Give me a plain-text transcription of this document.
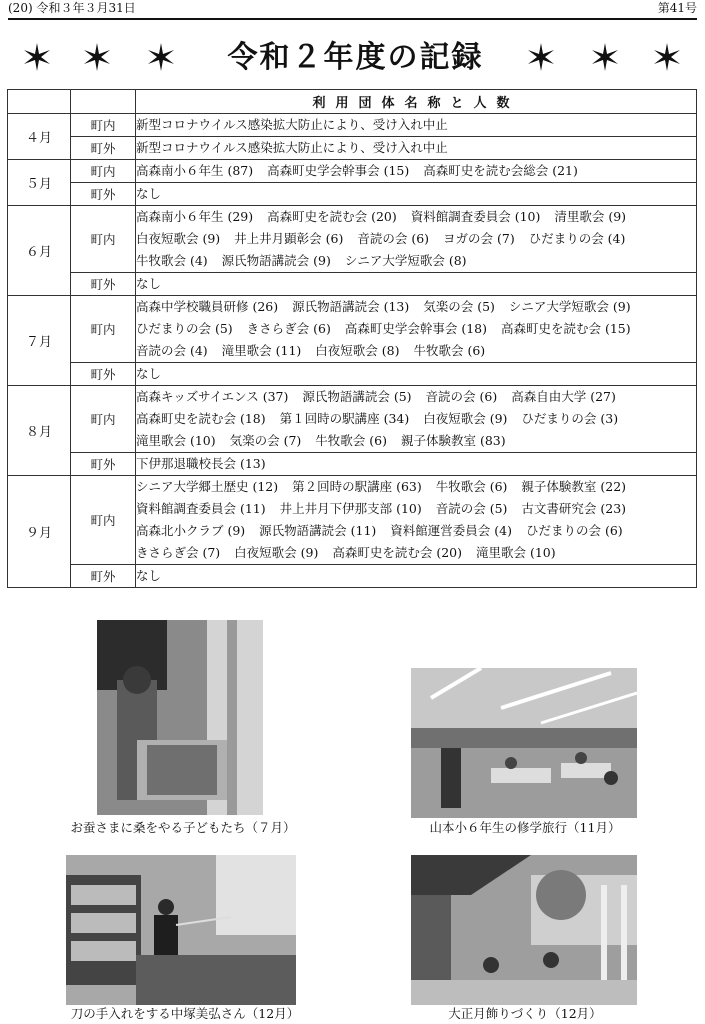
(20) 令和３年３月31日	第41号
令和２年度の記録
		利用団体名称と人数
４月	町内	新型コロナウイルス感染拡大防止により、受け入れ中止
	町外	新型コロナウイルス感染拡大防止により、受け入れ中止
５月	町内	高森南小６年生 (87) 高森町史学会幹事会 (15) 高森町史を読む会総会 (21)
	町外	なし
６月	町内	高森南小６年生 (29) 高森町史を読む会 (20) 資料館調査委員会 (10) 清里歌会 (9) 白夜短歌会 (9) 井上井月顕彰会 (6) 音読の会 (6) ヨガの会 (7) ひだまりの会 (4) 牛牧歌会 (4) 源氏物語講読会 (9) シニア大学短歌会 (8)
	町外	なし
７月	町内	高森中学校職員研修 (26) 源氏物語講読会 (13) 気楽の会 (5) シニア大学短歌会 (9) ひだまりの会 (5) きさらぎ会 (6) 高森町史学会幹事会 (18) 高森町史を読む会 (15) 音読の会 (4) 滝里歌会 (11) 白夜短歌会 (8) 牛牧歌会 (6)
	町外	なし
８月	町内	高森キッズサイエンス (37) 源氏物語講読会 (5) 音読の会 (6) 高森自由大学 (27) 高森町史を読む会 (18) 第１回時の駅講座 (34) 白夜短歌会 (9) ひだまりの会 (3) 滝里歌会 (10) 気楽の会 (7) 牛牧歌会 (6) 親子体験教室 (83)
	町外	下伊那退職校長会 (13)
９月	町内	シニア大学郷土歴史 (12) 第２回時の駅講座 (63) 牛牧歌会 (6) 親子体験教室 (22) 資料館調査委員会 (11) 井上井月下伊那支部 (10) 音読の会 (5) 古文書研究会 (23) 高森北小クラブ (9) 源氏物語講読会 (11) 資料館運営委員会 (4) ひだまりの会 (6) きさらぎ会 (7) 白夜短歌会 (9) 高森町史を読む会 (20) 滝里歌会 (10)
	町外	なし
お蚕さまに桑をやる子どもたち（７月）	山本小６年生の修学旅行（11月）
刀の手入れをする中塚美弘さん（12月）	大正月飾りづくり（12月）
